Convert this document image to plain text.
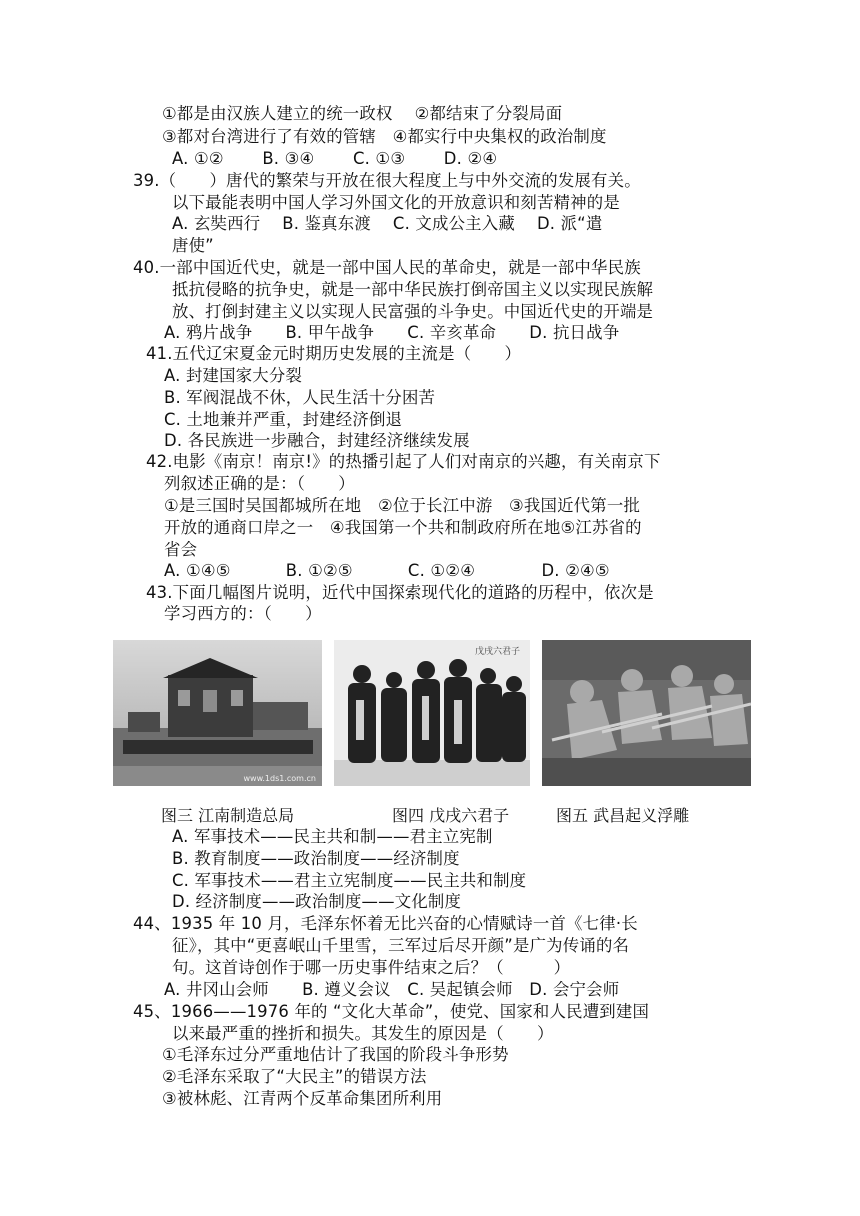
①都是由汉族人建立的统一政权　 ②都结束了分裂局面
③都对台湾进行了有效的管辖　④都实行中央集权的政治制度
A. ①②　　 B. ③④　　 C. ①③　　 D. ②④
39.（　　）唐代的繁荣与开放在很大程度上与中外交流的发展有关。
以下最能表明中国人学习外国文化的开放意识和刻苦精神的是
A. 玄奘西行　 B. 鉴真东渡　 C. 文成公主入藏　 D. 派“遣
唐使”
40.一部中国近代史，就是一部中国人民的革命史，就是一部中华民族
抵抗侵略的抗争史，就是一部中华民族打倒帝国主义以实现民族解
放、打倒封建主义以实现人民富强的斗争史。中国近代史的开端是
A. 鸦片战争　　B. 甲午战争　　C. 辛亥革命　　D. 抗日战争
41.五代辽宋夏金元时期历史发展的主流是（　　）
A. 封建国家大分裂
B. 军阀混战不休，人民生活十分困苦
C. 土地兼并严重，封建经济倒退
D. 各民族进一步融合，封建经济继续发展
42.电影《南京！南京!》的热播引起了人们对南京的兴趣，有关南京下
列叙述正确的是：（　　）
①是三国时吴国都城所在地　②位于长江中游　③我国近代第一批
开放的通商口岸之一　④我国第一个共和制政府所在地⑤江苏省的
省会
A. ①④⑤　　　 B. ①②⑤　　　 C. ①②④　　　　D. ②④⑤
43.下面几幅图片说明，近代中国探索现代化的道路的历程中，依次是
学习西方的：（　　）
www.1ds1.com.cn
戊戌六君子
图三 江南制造总局	图四 戊戌六君子	图五 武昌起义浮雕
A. 军事技术——民主共和制——君主立宪制
B. 教育制度——政治制度——经济制度
C. 军事技术——君主立宪制度——民主共和制度
D. 经济制度——政治制度——文化制度
44、1935 年 10 月，毛泽东怀着无比兴奋的心情赋诗一首《七律·长
征》，其中“更喜岷山千里雪，三军过后尽开颜”是广为传诵的名
句。这首诗创作于哪一历史事件结束之后？（　　　）
A. 井冈山会师　　B. 遵义会议　C. 吴起镇会师　D. 会宁会师
45、1966——1976 年的 “文化大革命”，使党、国家和人民遭到建国
以来最严重的挫折和损失。其发生的原因是（　　）
①毛泽东过分严重地估计了我国的阶段斗争形势
②毛泽东采取了“大民主”的错误方法
③被林彪、江青两个反革命集团所利用
